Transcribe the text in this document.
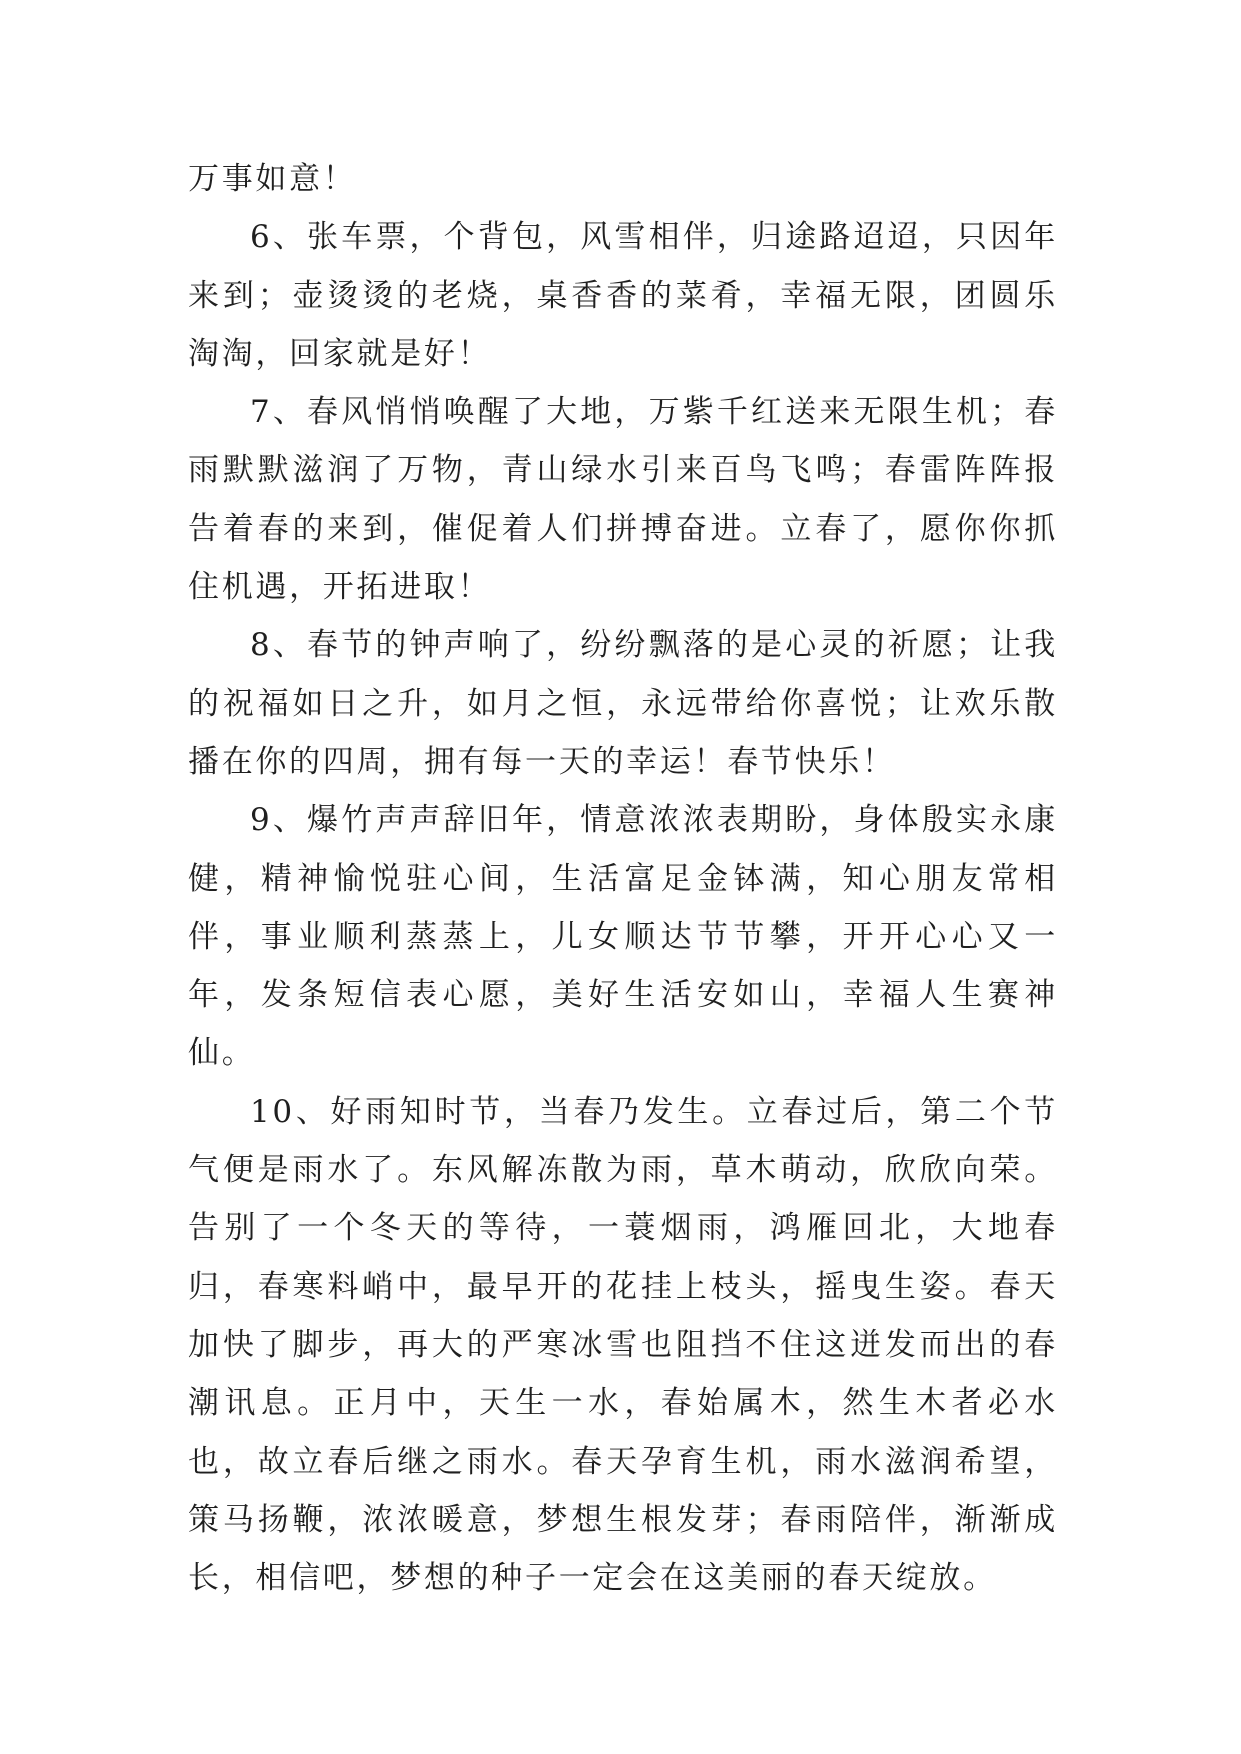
万事如意！

6、张车票，个背包，风雪相伴，归途路迢迢，只因年来到；壶烫烫的老烧，桌香香的菜肴，幸福无限，团圆乐淘淘，回家就是好！

7、春风悄悄唤醒了大地，万紫千红送来无限生机；春雨默默滋润了万物，青山绿水引来百鸟飞鸣；春雷阵阵报告着春的来到，催促着人们拼搏奋进。立春了，愿你你抓住机遇，开拓进取！

8、春节的钟声响了，纷纷飘落的是心灵的祈愿；让我的祝福如日之升，如月之恒，永远带给你喜悦；让欢乐散播在你的四周，拥有每一天的幸运！春节快乐！

9、爆竹声声辞旧年，情意浓浓表期盼，身体殷实永康健，精神愉悦驻心间，生活富足金钵满，知心朋友常相伴，事业顺利蒸蒸上，儿女顺达节节攀，开开心心又一年，发条短信表心愿，美好生活安如山，幸福人生赛神仙。

10、好雨知时节，当春乃发生。立春过后，第二个节气便是雨水了。东风解冻散为雨，草木萌动，欣欣向荣。告别了一个冬天的等待，一蓑烟雨，鸿雁回北，大地春归，春寒料峭中，最早开的花挂上枝头，摇曳生姿。春天加快了脚步，再大的严寒冰雪也阻挡不住这迸发而出的春潮讯息。正月中，天生一水，春始属木，然生木者必水也，故立春后继之雨水。春天孕育生机，雨水滋润希望，策马扬鞭，浓浓暖意，梦想生根发芽；春雨陪伴，渐渐成长，相信吧，梦想的种子一定会在这美丽的春天绽放。
